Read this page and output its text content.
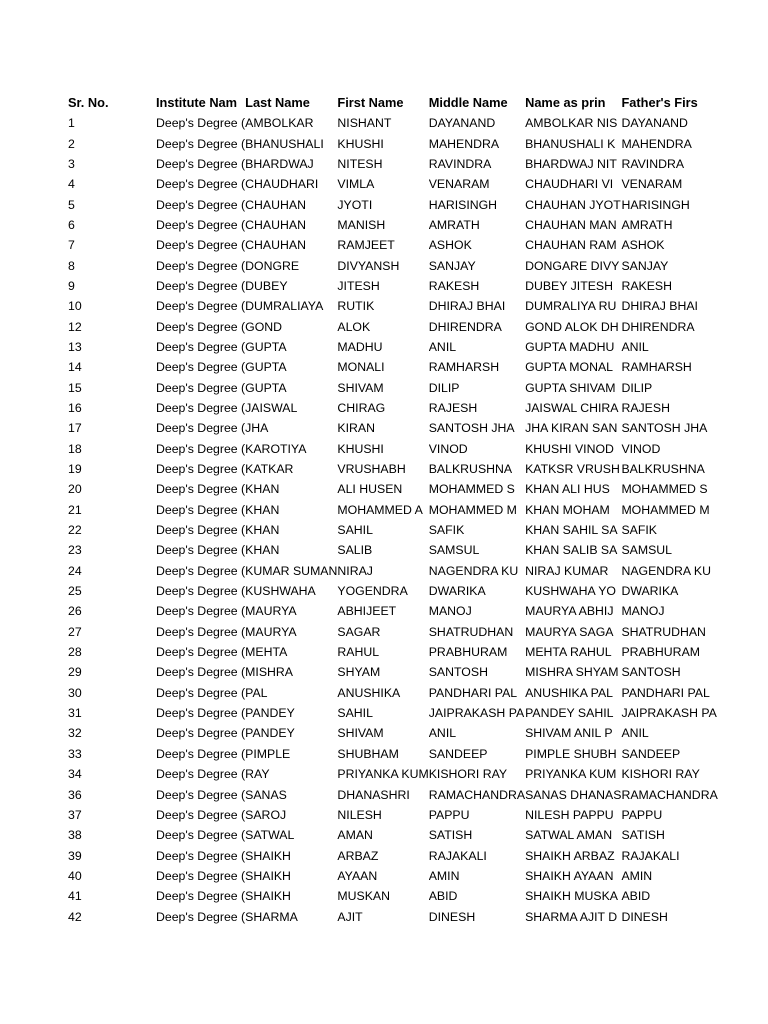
Sr. No.	Institute Nam	Last Name	First Name	Middle Name	Name as prin	Father's Firs
1	Deep's Degree (	AMBOLKAR	NISHANT	DAYANAND	AMBOLKAR NIS	DAYANAND
2	Deep's Degree (	BHANUSHALI	KHUSHI	MAHENDRA	BHANUSHALI K	MAHENDRA
3	Deep's Degree (	BHARDWAJ	NITESH	RAVINDRA	BHARDWAJ NIT	RAVINDRA
4	Deep's Degree (	CHAUDHARI	VIMLA	VENARAM	CHAUDHARI VI	VENARAM
5	Deep's Degree (	CHAUHAN	JYOTI	HARISINGH	CHAUHAN JYOT	HARISINGH
6	Deep's Degree (	CHAUHAN	MANISH	AMRATH	CHAUHAN MAN	AMRATH
7	Deep's Degree (	CHAUHAN	RAMJEET	ASHOK	CHAUHAN RAM	ASHOK
8	Deep's Degree (	DONGRE	DIVYANSH	SANJAY	DONGARE DIVY	SANJAY
9	Deep's Degree (	DUBEY	JITESH	RAKESH	DUBEY JITESH	RAKESH
10	Deep's Degree (	DUMRALIAYA	RUTIK	DHIRAJ BHAI	DUMRALIYA RU	DHIRAJ BHAI
12	Deep's Degree (	GOND	ALOK	DHIRENDRA	GOND ALOK DH	DHIRENDRA
13	Deep's Degree (	GUPTA	MADHU	ANIL	GUPTA MADHU	ANIL
14	Deep's Degree (	GUPTA	MONALI	RAMHARSH	GUPTA MONAL	RAMHARSH
15	Deep's Degree (	GUPTA	SHIVAM	DILIP	GUPTA SHIVAM	DILIP
16	Deep's Degree (	JAISWAL	CHIRAG	RAJESH	JAISWAL CHIRA	RAJESH
17	Deep's Degree (	JHA	KIRAN	SANTOSH JHA	JHA KIRAN SAN	SANTOSH JHA
18	Deep's Degree (	KAROTIYA	KHUSHI	VINOD	KHUSHI VINOD	VINOD
19	Deep's Degree (	KATKAR	VRUSHABH	BALKRUSHNA	KATKSR VRUSH	BALKRUSHNA
20	Deep's Degree (	KHAN	ALI HUSEN	MOHAMMED S	KHAN ALI HUS	MOHAMMED S
21	Deep's Degree (	KHAN	MOHAMMED A	MOHAMMED M	KHAN MOHAM	MOHAMMED M
22	Deep's Degree (	KHAN	SAHIL	SAFIK	KHAN SAHIL SA	SAFIK
23	Deep's Degree (	KHAN	SALIB	SAMSUL	KHAN SALIB SA	SAMSUL
24	Deep's Degree (	KUMAR SUMAN	NIRAJ	NAGENDRA KU	NIRAJ KUMAR	NAGENDRA KU
25	Deep's Degree (	KUSHWAHA	YOGENDRA	DWARIKA	KUSHWAHA YO	DWARIKA
26	Deep's Degree (	MAURYA	ABHIJEET	MANOJ	MAURYA ABHIJ	MANOJ
27	Deep's Degree (	MAURYA	SAGAR	SHATRUDHAN	MAURYA SAGA	SHATRUDHAN
28	Deep's Degree (	MEHTA	RAHUL	PRABHURAM	MEHTA RAHUL	PRABHURAM
29	Deep's Degree (	MISHRA	SHYAM	SANTOSH	MISHRA SHYAM	SANTOSH
30	Deep's Degree (	PAL	ANUSHIKA	PANDHARI PAL	ANUSHIKA PAL	PANDHARI PAL
31	Deep's Degree (	PANDEY	SAHIL	JAIPRAKASH PA	PANDEY SAHIL	JAIPRAKASH PA
32	Deep's Degree (	PANDEY	SHIVAM	ANIL	SHIVAM ANIL P	ANIL
33	Deep's Degree (	PIMPLE	SHUBHAM	SANDEEP	PIMPLE SHUBH	SANDEEP
34	Deep's Degree (	RAY	PRIYANKA KUM	KISHORI RAY	PRIYANKA KUM	KISHORI RAY
36	Deep's Degree (	SANAS	DHANASHRI	RAMACHANDRA	SANAS DHANAS	RAMACHANDRA
37	Deep's Degree (	SAROJ	NILESH	PAPPU	NILESH PAPPU	PAPPU
38	Deep's Degree (	SATWAL	AMAN	SATISH	SATWAL AMAN	SATISH
39	Deep's Degree (	SHAIKH	ARBAZ	RAJAKALI	SHAIKH ARBAZ	RAJAKALI
40	Deep's Degree (	SHAIKH	AYAAN	AMIN	SHAIKH AYAAN	AMIN
41	Deep's Degree (	SHAIKH	MUSKAN	ABID	SHAIKH MUSKA	ABID
42	Deep's Degree (	SHARMA	AJIT	DINESH	SHARMA AJIT D	DINESH
